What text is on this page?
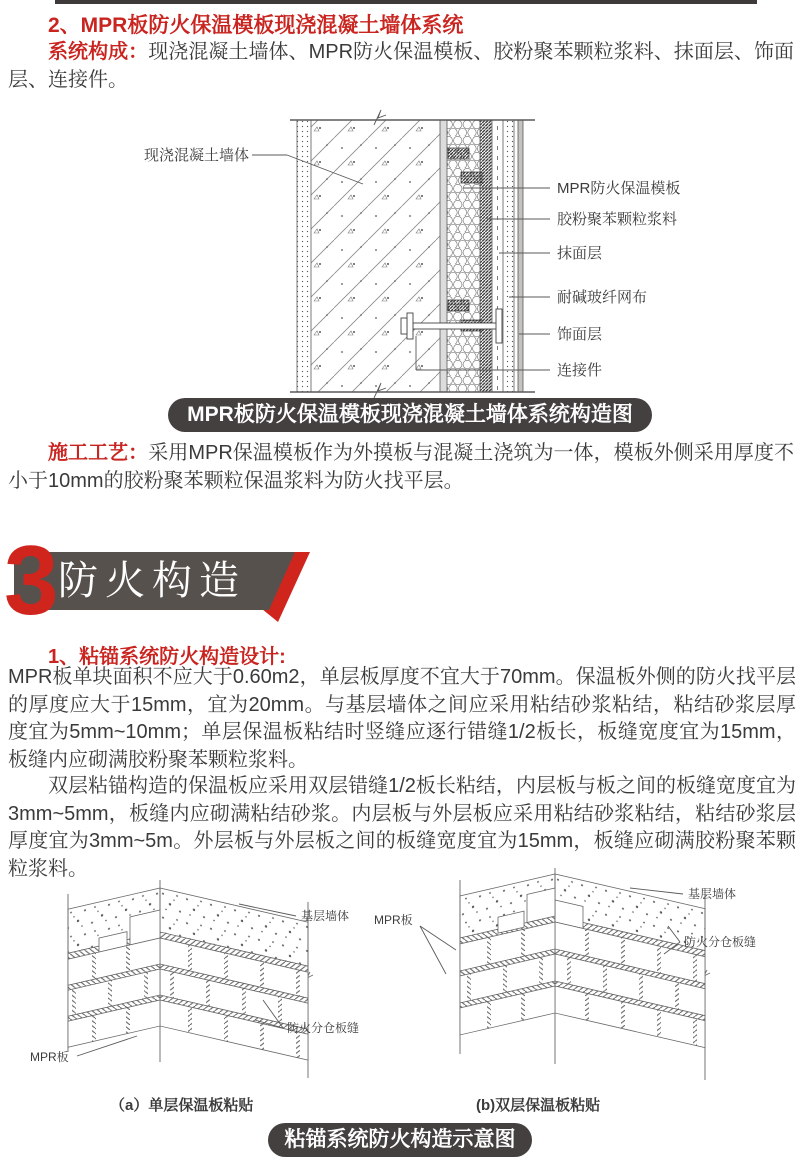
2、MPR板防火保温模板现浇混凝土墙体系统
系统构成：现浇混凝土墙体、MPR防火保温模板、胶粉聚苯颗粒浆料、抹面层、饰面层、连接件。
现浇混凝土墙体
MPR防火保温模板
胶粉聚苯颗粒浆料
抹面层
耐碱玻纤网布
饰面层
连接件
MPR板防火保温模板现浇混凝土墙体系统构造图
施工工艺：采用MPR保温模板作为外摸板与混凝土浇筑为一体，模板外侧采用厚度不小于10mm的胶粉聚苯颗粒保温浆料为防火找平层。
3 防火构造
1、粘锚系统防火构造设计:
MPR板单块面积不应大于0.60m2，单层板厚度不宜大于70mm。保温板外侧的防火找平层的厚度应大于15mm，宜为20mm。与基层墙体之间应采用粘结砂浆粘结，粘结砂浆层厚度宜为5mm~10mm；单层保温板粘结时竖缝应逐行错缝1/2板长，板缝宽度宜为15mm，板缝内应砌满胶粉聚苯颗粒浆料。
双层粘锚构造的保温板应采用双层错缝1/2板长粘结，内层板与板之间的板缝宽度宜为3mm~5mm，板缝内应砌满粘结砂浆。内层板与外层板应采用粘结砂浆粘结，粘结砂浆层厚度宜为3mm~5m。外层板与外层板之间的板缝宽度宜为15mm，板缝应砌满胶粉聚苯颗粒浆料。
基层墙体
防火分仓板缝
MPR板
基层墙体
防火分仓板缝
MPR板
（a）单层保温板粘贴	(b)双层保温板粘贴
粘锚系统防火构造示意图
